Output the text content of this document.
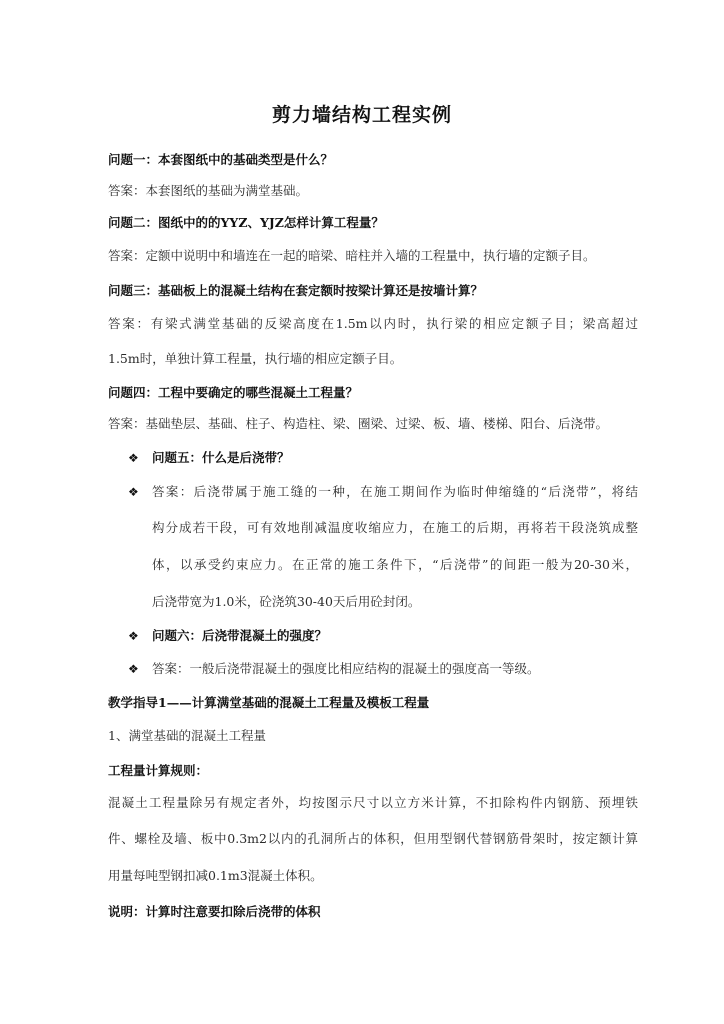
剪力墙结构工程实例
问题一：本套图纸中的基础类型是什么？
答案：本套图纸的基础为满堂基础。
问题二：图纸中的的YYZ、YJZ怎样计算工程量？
答案：定额中说明中和墙连在一起的暗梁、暗柱并入墙的工程量中，执行墙的定额子目。
问题三：基础板上的混凝土结构在套定额时按梁计算还是按墙计算？
答案：有梁式满堂基础的反梁高度在1.5m以内时，执行梁的相应定额子目；梁高超过
1.5m时，单独计算工程量，执行墙的相应定额子目。
问题四：工程中要确定的哪些混凝土工程量？
答案：基础垫层、基础、柱子、构造柱、梁、圈梁、过梁、板、墙、楼梯、阳台、后浇带。
❖ 问题五：什么是后浇带？
❖ 答案：后浇带属于施工缝的一种，在施工期间作为临时伸缩缝的“后浇带”，将结
构分成若干段，可有效地削减温度收缩应力，在施工的后期，再将若干段浇筑成整
体，以承受约束应力。在正常的施工条件下，“后浇带”的间距一般为20-30米，
后浇带宽为1.0米，砼浇筑30-40天后用砼封闭。
❖ 问题六：后浇带混凝土的强度？
❖ 答案：一般后浇带混凝土的强度比相应结构的混凝土的强度高一等级。
教学指导1——计算满堂基础的混凝土工程量及模板工程量
1、满堂基础的混凝土工程量
工程量计算规则：
混凝土工程量除另有规定者外，均按图示尺寸以立方米计算，不扣除构件内钢筋、预埋铁
件、螺栓及墙、板中0.3m2以内的孔洞所占的体积，但用型钢代替钢筋骨架时，按定额计算
用量每吨型钢扣减0.1m3混凝土体积。
说明：计算时注意要扣除后浇带的体积
